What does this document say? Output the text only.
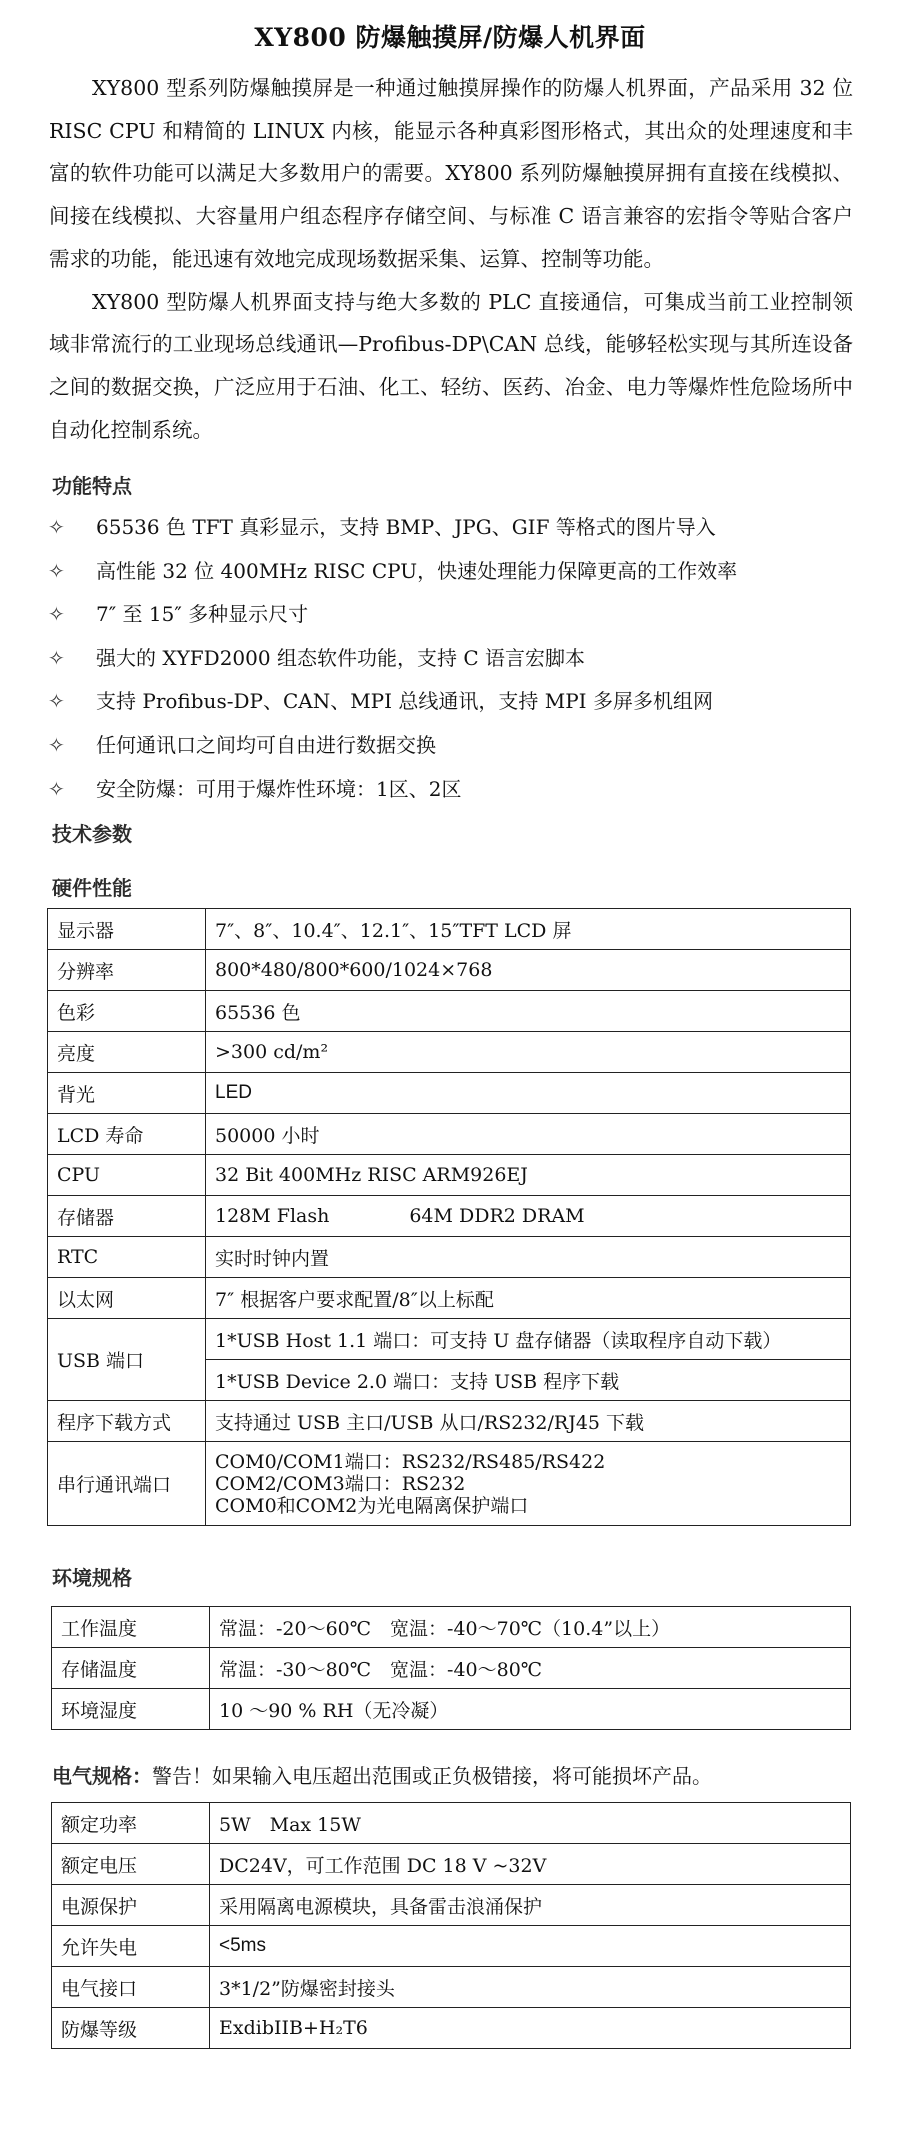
XY800 防爆触摸屏/防爆人机界面

XY800 型系列防爆触摸屏是一种通过触摸屏操作的防爆人机界面，产品采用 32 位 RISC CPU 和精简的 LINUX 内核，能显示各种真彩图形格式，其出众的处理速度和丰富的软件功能可以满足大多数用户的需要。XY800 系列防爆触摸屏拥有直接在线模拟、间接在线模拟、大容量用户组态程序存储空间、与标准 C 语言兼容的宏指令等贴合客户需求的功能，能迅速有效地完成现场数据采集、运算、控制等功能。

XY800 型防爆人机界面支持与绝大多数的 PLC 直接通信，可集成当前工业控制领域非常流行的工业现场总线通讯—Profibus-DP\CAN 总线，能够轻松实现与其所连设备之间的数据交换，广泛应用于石油、化工、轻纺、医药、冶金、电力等爆炸性危险场所中自动化控制系统。

功能特点
✧	65536 色 TFT 真彩显示，支持 BMP、JPG、GIF 等格式的图片导入
✧	高性能 32 位 400MHz RISC CPU，快速处理能力保障更高的工作效率
✧	7″ 至 15″ 多种显示尺寸
✧	强大的 XYFD2000 组态软件功能，支持 C 语言宏脚本
✧	支持 Profibus-DP、CAN、MPI 总线通讯，支持 MPI 多屏多机组网
✧	任何通讯口之间均可自由进行数据交换
✧	安全防爆：可用于爆炸性环境：1区、2区
技术参数
硬件性能
显示器	7″、8″、10.4″、12.1″、15″TFT LCD 屏
分辨率	800*480/800*600/1024×768
色彩	65536 色
亮度	>300 cd/m²
背光	LED
LCD 寿命	50000 小时
CPU	32 Bit 400MHz RISC ARM926EJ
存储器	128M Flash 64M DDR2 DRAM
RTC	实时时钟内置
以太网	7″ 根据客户要求配置/8″以上标配
USB 端口	1*USB Host 1.1 端口：可支持 U 盘存储器（读取程序自动下载）
	1*USB Device 2.0 端口：支持 USB 程序下载
程序下载方式	支持通过 USB 主口/USB 从口/RS232/RJ45 下载
串行通讯端口	COM0/COM1端口：RS232/RS485/RS422
COM2/COM3端口：RS232
COM0和COM2为光电隔离保护端口
环境规格
工作温度	常温：-20～60℃　宽温：-40～70℃（10.4”以上）
存储温度	常温：-30～80℃　宽温：-40～80℃
环境湿度	10 ～90 % RH（无冷凝）
电气规格：警告！如果输入电压超出范围或正负极错接，将可能损坏产品。
额定功率	5W　Max 15W
额定电压	DC24V，可工作范围 DC 18 V ~32V
电源保护	采用隔离电源模块，具备雷击浪涌保护
允许失电	<5ms
电气接口	3*1/2”防爆密封接头
防爆等级	ExdibIIB+H₂T6
